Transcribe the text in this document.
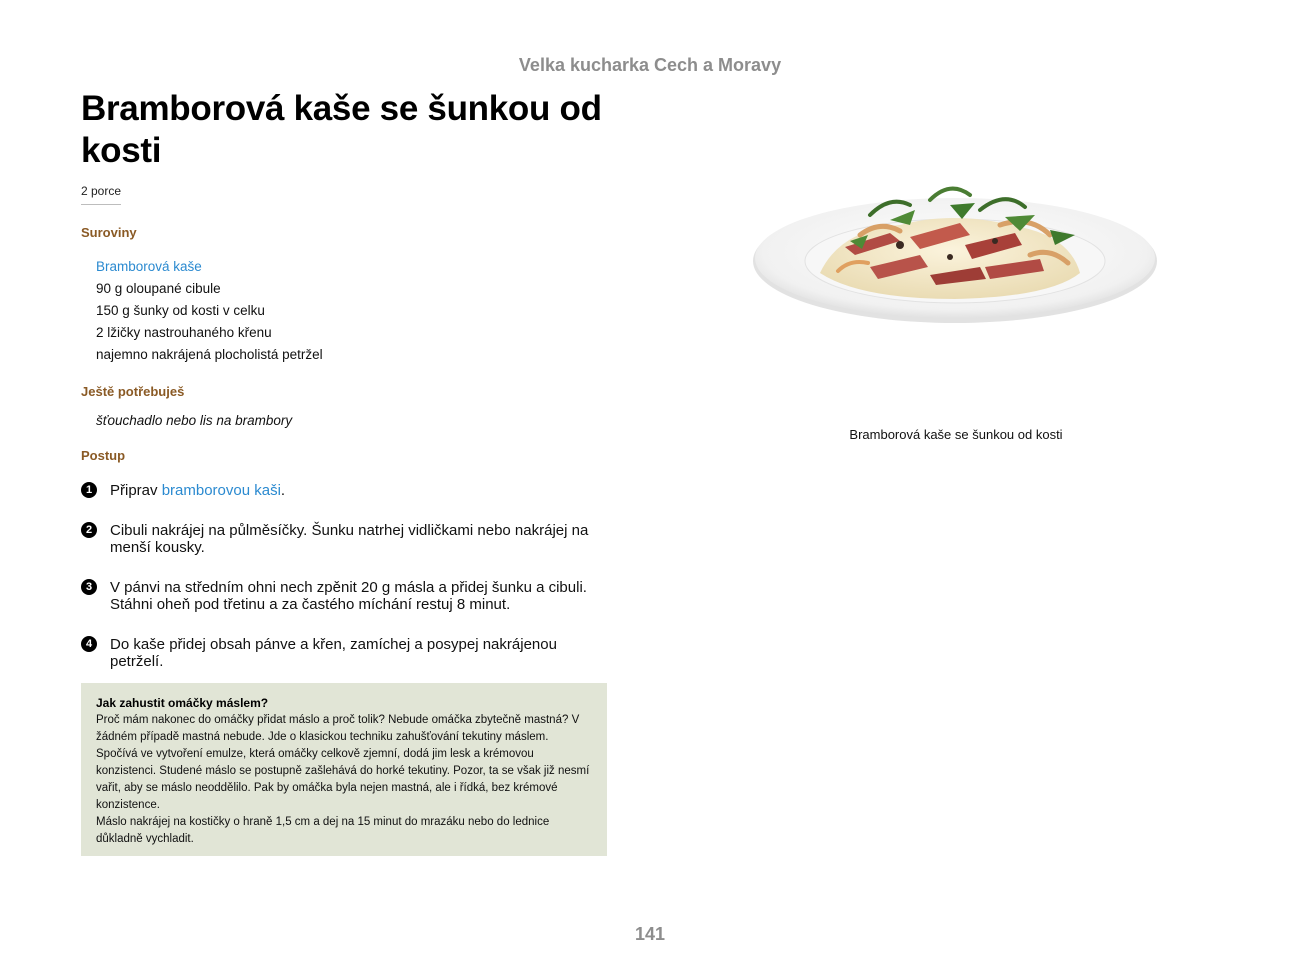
Velka kucharka Cech a Moravy
Bramborová kaše se šunkou od kosti
2 porce
Suroviny
Bramborová kaše
90 g oloupané cibule
150 g šunky od kosti v celku
2 lžičky nastrouhaného křenu
najemno nakrájená plocholistá petržel
Ještě potřebuješ
šťouchadlo nebo lis na brambory
Postup
1	Připrav bramborovou kaši.
2	Cibuli nakrájej na půlměsíčky. Šunku natrhej vidličkami nebo nakrájej na menší kousky.
3	V pánvi na středním ohni nech zpěnit 20 g másla a přidej šunku a cibuli. Stáhni oheň pod třetinu a za častého míchání restuj 8 minut.
4	Do kaše přidej obsah pánve a křen, zamíchej a posypej nakrájenou petrželí.
Jak zahustit omáčky máslem?
Proč mám nakonec do omáčky přidat máslo a proč tolik? Nebude omáčka zbytečně mastná? V žádném případě mastná nebude. Jde o klasickou techniku zahušťování tekutiny máslem. Spočívá ve vytvoření emulze, která omáčky celkově zjemní, dodá jim lesk a krémovou konzistenci. Studené máslo se postupně zašlehává do horké tekutiny. Pozor, ta se však již nesmí vařit, aby se máslo neoddělilo. Pak by omáčka byla nejen mastná, ale i řídká, bez krémové konzistence.
Máslo nakrájej na kostičky o hraně 1,5 cm a dej na 15 minut do mrazáku nebo do lednice důkladně vychladit.
Bramborová kaše se šunkou od kosti
141
